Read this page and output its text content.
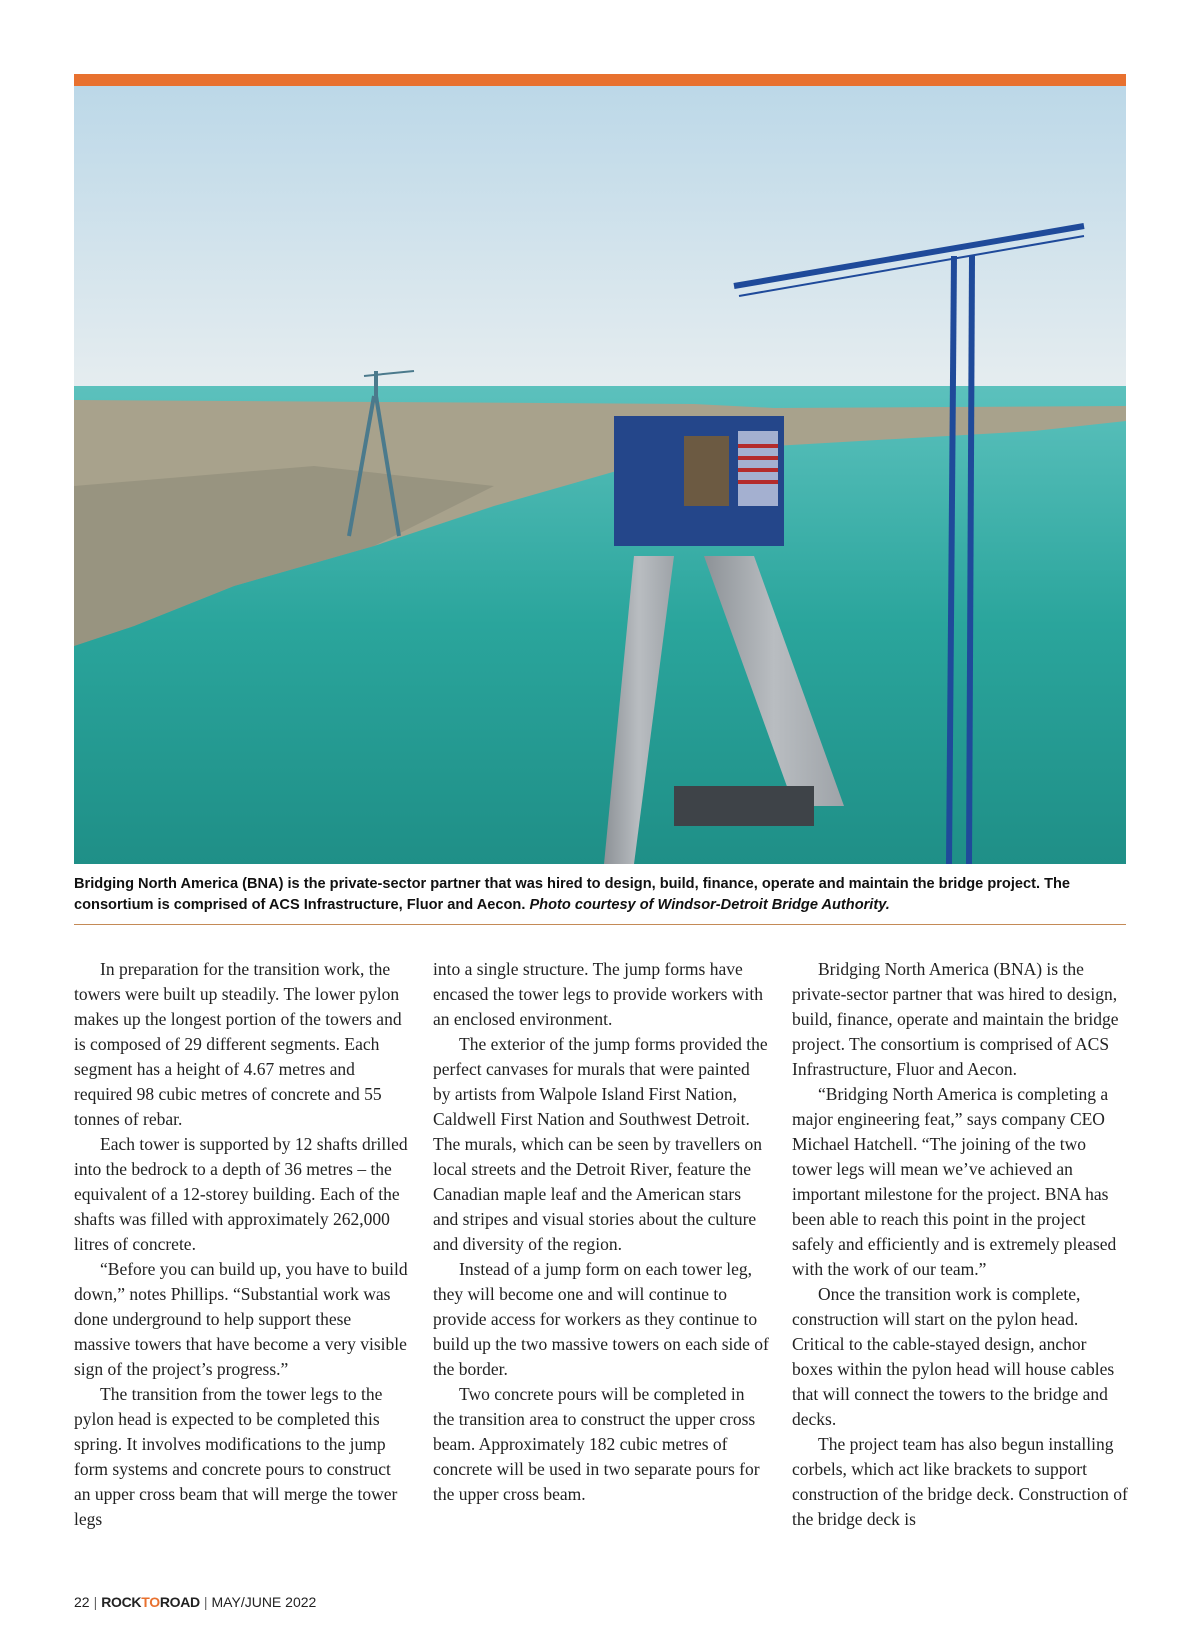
Bridging North America (BNA) is the private-sector partner that was hired to design, build, finance, operate and maintain the bridge project. The consortium is comprised of ACS Infrastructure, Fluor and Aecon. Photo courtesy of Windsor-Detroit Bridge Authority.

In preparation for the transition work, the towers were built up steadily. The lower pylon makes up the longest portion of the towers and is composed of 29 different segments. Each segment has a height of 4.67 metres and required 98 cubic metres of concrete and 55 tonnes of rebar.

Each tower is supported by 12 shafts drilled into the bedrock to a depth of 36 metres – the equivalent of a 12-storey building. Each of the shafts was filled with approximately 262,000 litres of concrete.

“Before you can build up, you have to build down,” notes Phillips. “Substantial work was done underground to help support these massive towers that have become a very visible sign of the project’s progress.”

The transition from the tower legs to the pylon head is expected to be completed this spring. It involves modifications to the jump form systems and concrete pours to construct an upper cross beam that will merge the tower legs

into a single structure. The jump forms have encased the tower legs to provide workers with an enclosed environment.

The exterior of the jump forms provided the perfect canvases for murals that were painted by artists from Walpole Island First Nation, Caldwell First Nation and Southwest Detroit. The murals, which can be seen by travellers on local streets and the Detroit River, feature the Canadian maple leaf and the American stars and stripes and visual stories about the culture and diversity of the region.

Instead of a jump form on each tower leg, they will become one and will continue to provide access for workers as they continue to build up the two massive towers on each side of the border.

Two concrete pours will be completed in the transition area to construct the upper cross beam. Approximately 182 cubic metres of concrete will be used in two separate pours for the upper cross beam.

Bridging North America (BNA) is the private-sector partner that was hired to design, build, finance, operate and maintain the bridge project. The consortium is comprised of ACS Infrastructure, Fluor and Aecon.

“Bridging North America is completing a major engineering feat,” says company CEO Michael Hatchell. “The joining of the two tower legs will mean we’ve achieved an important milestone for the project. BNA has been able to reach this point in the project safely and efficiently and is extremely pleased with the work of our team.”

Once the transition work is complete, construction will start on the pylon head. Critical to the cable-stayed design, anchor boxes within the pylon head will house cables that will connect the towers to the bridge and decks.

The project team has also begun installing corbels, which act like brackets to support construction of the bridge deck. Construction of the bridge deck is

22 | ROCKTOROAD | MAY/JUNE 2022
